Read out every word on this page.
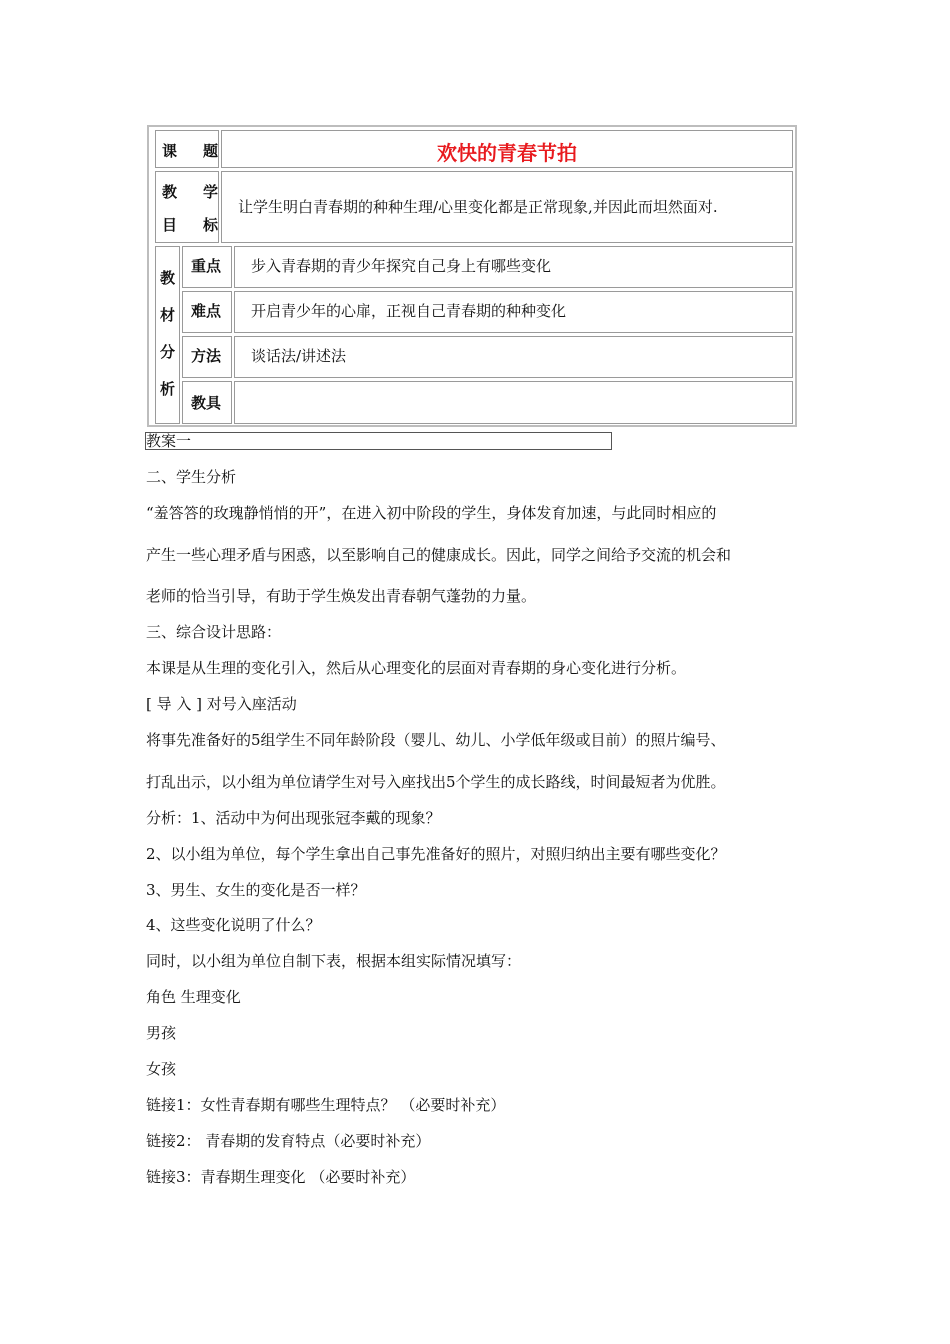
课 题	欢快的青春节拍
教 学
目 标
让学生明白青春期的种种生理/心里变化都是正常现象,并因此而坦然面对.
教
材
分
析
重点 步入青春期的青少年探究自己身上有哪些变化
难点 开启青少年的心扉，正视自己青春期的种种变化
方法 谈话法/讲述法
教具
教案一
二、学生分析
“羞答答的玫瑰静悄悄的开”，在进入初中阶段的学生，身体发育加速，与此同时相应的
产生一些心理矛盾与困惑，以至影响自己的健康成长。因此，同学之间给予交流的机会和
老师的恰当引导，有助于学生焕发出青春朝气蓬勃的力量。
三、综合设计思路：
本课是从生理的变化引入，然后从心理变化的层面对青春期的身心变化进行分析。
[ 导 入 ] 对号入座活动
将事先准备好的5组学生不同年龄阶段（婴儿、幼儿、小学低年级或目前）的照片编号、
打乱出示，以小组为单位请学生对号入座找出5个学生的成长路线，时间最短者为优胜。
分析：1、活动中为何出现张冠李戴的现象？
2、以小组为单位，每个学生拿出自己事先准备好的照片，对照归纳出主要有哪些变化？
3、男生、女生的变化是否一样？
4、这些变化说明了什么？
同时，以小组为单位自制下表，根据本组实际情况填写：
角色 生理变化
男孩
女孩
链接1：女性青春期有哪些生理特点？ （必要时补充）
链接2： 青春期的发育特点（必要时补充）
链接3：青春期生理变化 （必要时补充）
